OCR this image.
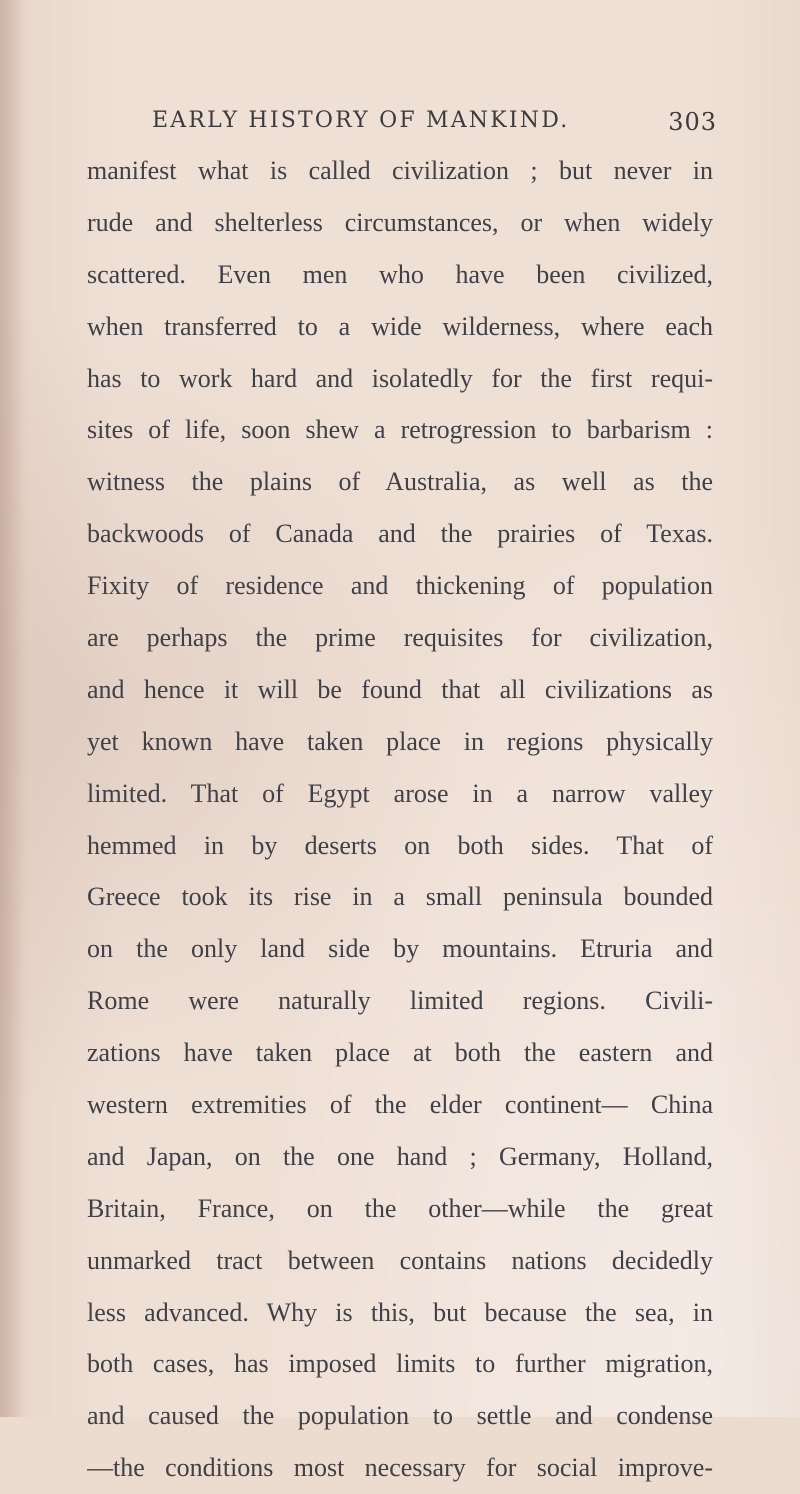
EARLY HISTORY OF MANKIND.	303
manifest what is called civilization ; but never in
rude and shelterless circumstances, or when widely
scattered. Even men who have been civilized,
when transferred to a wide wilderness, where each
has to work hard and isolatedly for the first requi-
sites of life, soon shew a retrogression to barbarism :
witness the plains of Australia, as well as the
backwoods of Canada and the prairies of Texas.
Fixity of residence and thickening of population
are perhaps the prime requisites for civilization,
and hence it will be found that all civilizations as
yet known have taken place in regions physically
limited. That of Egypt arose in a narrow valley
hemmed in by deserts on both sides. That of
Greece took its rise in a small peninsula bounded
on the only land side by mountains. Etruria and
Rome were naturally limited regions. Civili-
zations have taken place at both the eastern and
western extremities of the elder continent— China
and Japan, on the one hand ; Germany, Holland,
Britain, France, on the other—while the great
unmarked tract between contains nations decidedly
less advanced. Why is this, but because the sea, in
both cases, has imposed limits to further migration,
and caused the population to settle and condense
—the conditions most necessary for social improve-
